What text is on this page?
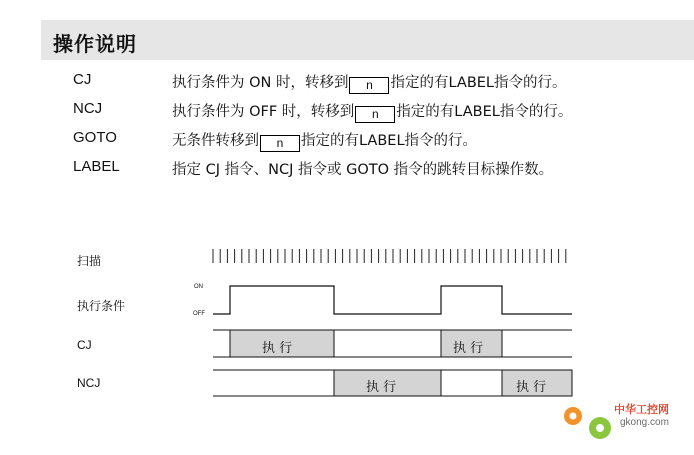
操作说明
CJ	执行条件为 ON 时，转移到 n 指定的有LABEL指令的行。
NCJ	执行条件为 OFF 时，转移到 n 指定的有LABEL指令的行。
GOTO	无条件转移到 n 指定的有LABEL指令的行。
LABEL	指定 CJ 指令、NCJ 指令或 GOTO 指令的跳转目标操作数。
扫描
执行条件
ON
OFF
CJ
NCJ
执 行	执 行
执 行	执 行
中华工控网
gkong.com
